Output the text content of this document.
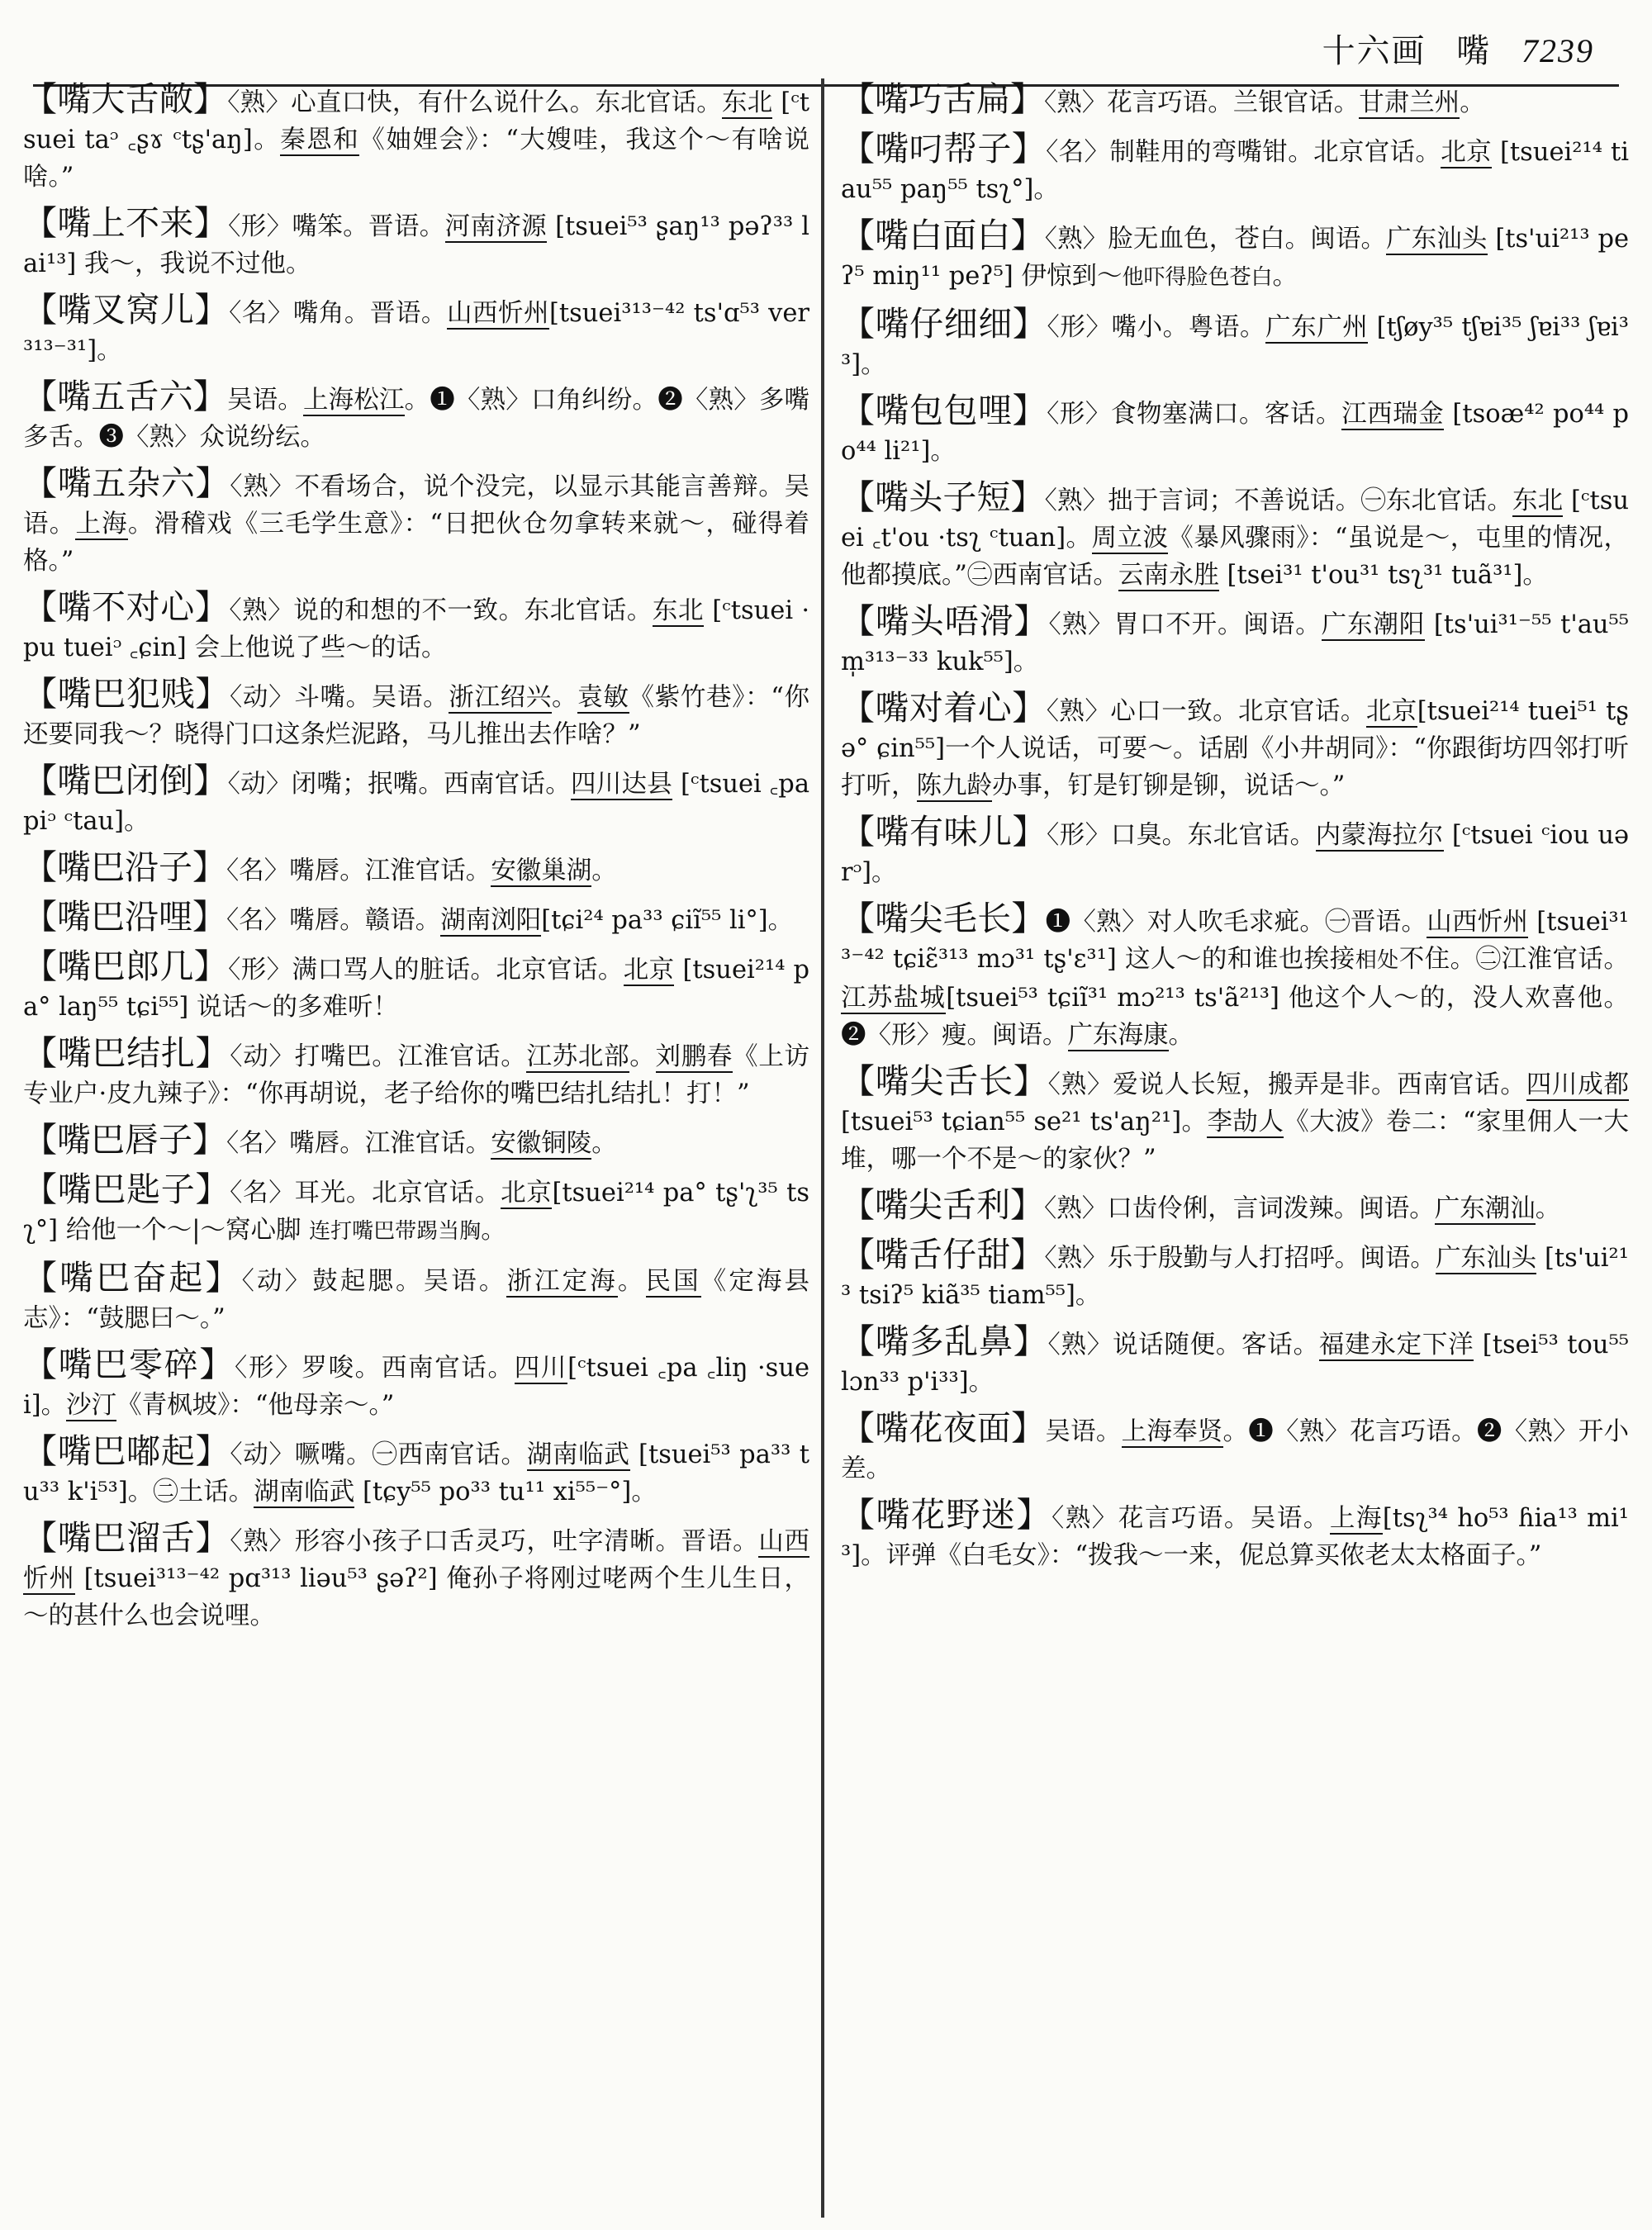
十六画 嘴 7239

【嘴大舌敞】〈熟〉心直口快，有什么说什么。东北官话。东北 [ᶜtsuei taᵓ ꜀ʂɤ ᶜtʂ'aŋ]。秦恩和《妯娌会》：“大嫂哇，我这个～有啥说啥。”

【嘴上不来】〈形〉嘴笨。晋语。河南济源 [tsuei⁵³ ʂaŋ¹³ pəʔ³³ lai¹³] 我～，我说不过他。

【嘴叉窝儿】〈名〉嘴角。晋语。山西忻州[tsuei³¹³⁻⁴² ts'ɑ⁵³ ver³¹³⁻³¹]。

【嘴五舌六】吴语。上海松江。❶〈熟〉口角纠纷。❷〈熟〉多嘴多舌。❸〈熟〉众说纷纭。

【嘴五杂六】〈熟〉不看场合，说个没完，以显示其能言善辩。吴语。上海。滑稽戏《三毛学生意》：“日把伙仓勿拿转来就～，碰得着格。”

【嘴不对心】〈熟〉说的和想的不一致。东北官话。东北 [ᶜtsuei ·pu tueiᵓ ꜀ɕin] 会上他说了些～的话。

【嘴巴犯贱】〈动〉斗嘴。吴语。浙江绍兴。袁敏《紫竹巷》：“你还要同我～？晓得门口这条烂泥路，马儿推出去作啥？”

【嘴巴闭倒】〈动〉闭嘴；抿嘴。西南官话。四川达县 [ᶜtsuei ꜀pa piᵓ ᶜtau]。

【嘴巴沿子】〈名〉嘴唇。江淮官话。安徽巢湖。

【嘴巴沿哩】〈名〉嘴唇。赣语。湖南浏阳[tɕi²⁴ pa³³ ɕiĩ⁵⁵ li°]。

【嘴巴郎几】〈形〉满口骂人的脏话。北京官话。北京 [tsuei²¹⁴ pa° laŋ⁵⁵ tɕi⁵⁵] 说话～的多难听！

【嘴巴结扎】〈动〉打嘴巴。江淮官话。江苏北部。刘鹏春《上访专业户·皮九辣子》：“你再胡说，老子给你的嘴巴结扎结扎！打！”

【嘴巴唇子】〈名〉嘴唇。江淮官话。安徽铜陵。

【嘴巴匙子】〈名〉耳光。北京官话。北京[tsuei²¹⁴ pa° tʂ'ʅ³⁵ tsʅ°] 给他一个～|～窝心脚 连打嘴巴带踢当胸。

【嘴巴奋起】〈动〉鼓起腮。吴语。浙江定海。民国《定海县志》：“鼓腮曰～。”

【嘴巴零碎】〈形〉罗唆。西南官话。四川[ᶜtsuei ꜀pa ꜀liŋ ·suei]。沙汀《青枫坡》：“他母亲～。”

【嘴巴嘟起】〈动〉噘嘴。㊀西南官话。湖南临武 [tsuei⁵³ pa³³ tu³³ k'i⁵³]。㊁土话。湖南临武 [tɕy⁵⁵ po³³ tu¹¹ xi⁵⁵⁻°]。

【嘴巴溜舌】〈熟〉形容小孩子口舌灵巧，吐字清晰。晋语。山西忻州 [tsuei³¹³⁻⁴² pɑ³¹³ liəu⁵³ ʂəʔ²] 俺孙子将刚过咾两个生儿生日，～的甚什么也会说哩。

【嘴巧舌扁】〈熟〉花言巧语。兰银官话。甘肃兰州。

【嘴叼帮子】〈名〉制鞋用的弯嘴钳。北京官话。北京 [tsuei²¹⁴ tiau⁵⁵ paŋ⁵⁵ tsʅ°]。

【嘴白面白】〈熟〉脸无血色，苍白。闽语。广东汕头 [ts'ui²¹³ peʔ⁵ miŋ¹¹ peʔ⁵] 伊惊到～他吓得脸色苍白。

【嘴仔细细】〈形〉嘴小。粤语。广东广州 [tʃøy³⁵ tʃɐi³⁵ ʃɐi³³ ʃɐi³³]。

【嘴包包哩】〈形〉食物塞满口。客话。江西瑞金 [tsoæ⁴² po⁴⁴ po⁴⁴ li²¹]。

【嘴头子短】〈熟〉拙于言词；不善说话。㊀东北官话。东北 [ᶜtsuei ꜀t'ou ·tsʅ ᶜtuan]。周立波《暴风骤雨》：“虽说是～，屯里的情况，他都摸底。”㊁西南官话。云南永胜 [tsei³¹ t'ou³¹ tsʅ³¹ tuã³¹]。

【嘴头唔滑】〈熟〉胃口不开。闽语。广东潮阳 [ts'ui³¹⁻⁵⁵ t'au⁵⁵ m̩³¹³⁻³³ kuk⁵⁵]。

【嘴对着心】〈熟〉心口一致。北京官话。北京[tsuei²¹⁴ tuei⁵¹ tʂə° ɕin⁵⁵]一个人说话，可要～。话剧《小井胡同》：“你跟街坊四邻打听打听，陈九龄办事，钉是钉铆是铆，说话～。”

【嘴有味儿】〈形〉口臭。东北官话。内蒙海拉尔 [ᶜtsuei ᶜiou uərᵓ]。

【嘴尖毛长】❶〈熟〉对人吹毛求疵。㊀晋语。山西忻州 [tsuei³¹³⁻⁴² tɕiɛ̃³¹³ mɔ³¹ tʂ'ɛ³¹] 这人～的和谁也挨接相处不住。㊁江淮官话。江苏盐城[tsuei⁵³ tɕiĩ³¹ mɔ²¹³ ts'ã²¹³] 他这个人～的，没人欢喜他。❷〈形〉瘦。闽语。广东海康。

【嘴尖舌长】〈熟〉爱说人长短，搬弄是非。西南官话。四川成都 [tsuei⁵³ tɕian⁵⁵ se²¹ ts'aŋ²¹]。李劼人《大波》卷二：“家里佣人一大堆，哪一个不是～的家伙？”

【嘴尖舌利】〈熟〉口齿伶俐，言词泼辣。闽语。广东潮汕。

【嘴舌仔甜】〈熟〉乐于殷勤与人打招呼。闽语。广东汕头 [ts'ui²¹³ tsiʔ⁵ kiã³⁵ tiam⁵⁵]。

【嘴多乱鼻】〈熟〉说话随便。客话。福建永定下洋 [tsei⁵³ tou⁵⁵ lɔn³³ p'i³³]。

【嘴花夜面】吴语。上海奉贤。❶〈熟〉花言巧语。❷〈熟〉开小差。

【嘴花野迷】〈熟〉花言巧语。吴语。上海[tsʅ³⁴ ho⁵³ ɦia¹³ mi¹³]。评弹《白毛女》：“拨我～一来，伲总算买侬老太太格面子。”
